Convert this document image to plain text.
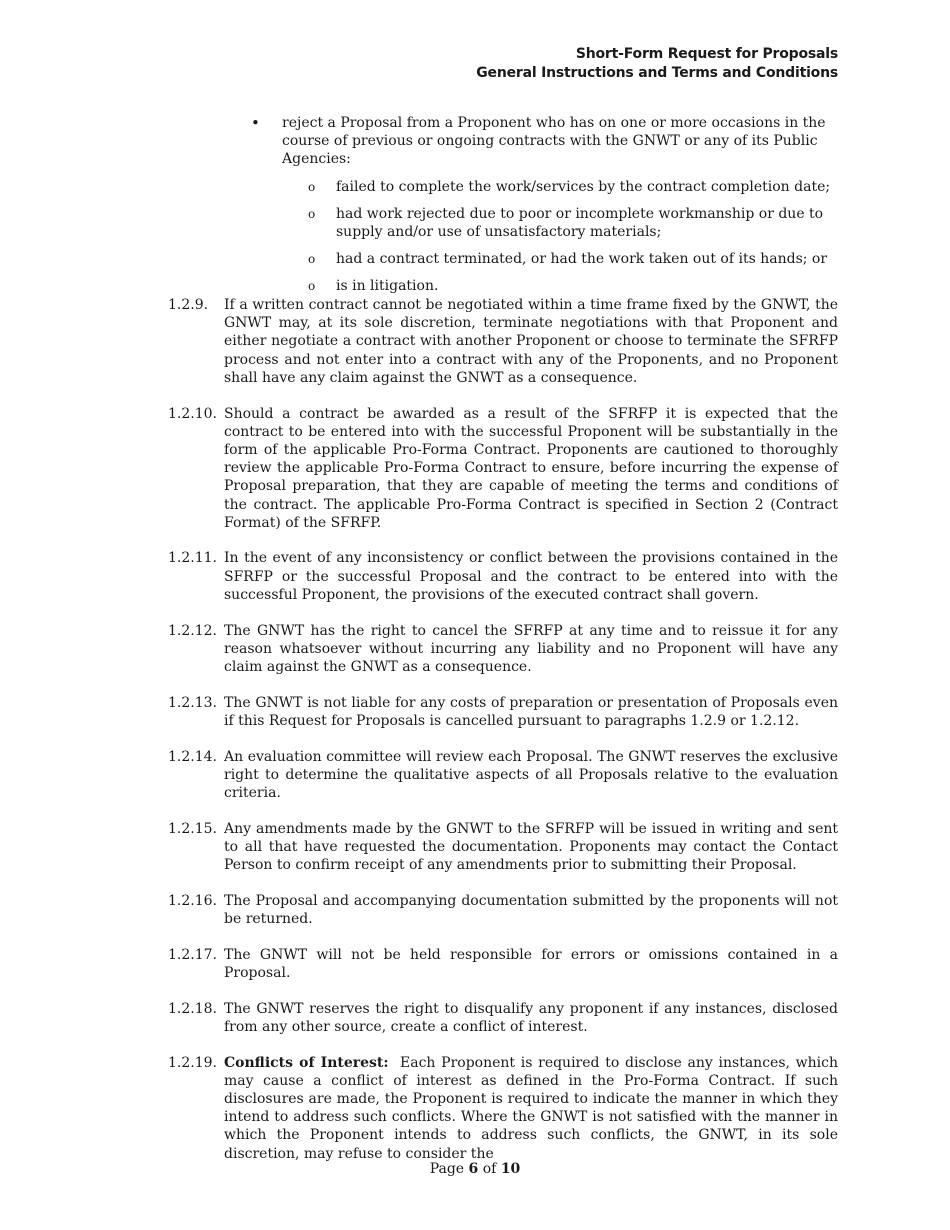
Short-Form Request for Proposals
General Instructions and Terms and Conditions
•	reject a Proposal from a Proponent who has on one or more occasions in the course of previous or ongoing contracts with the GNWT or any of its Public Agencies:
o	failed to complete the work/services by the contract completion date;
o	had work rejected due to poor or incomplete workmanship or due to supply and/or use of unsatisfactory materials;
o	had a contract terminated, or had the work taken out of its hands; or
o	is in litigation.
1.2.9.	If a written contract cannot be negotiated within a time frame fixed by the GNWT, the GNWT may, at its sole discretion, terminate negotiations with that Proponent and either negotiate a contract with another Proponent or choose to terminate the SFRFP process and not enter into a contract with any of the Proponents, and no Proponent shall have any claim against the GNWT as a consequence.
1.2.10. Should a contract be awarded as a result of the SFRFP it is expected that the contract to be entered into with the successful Proponent will be substantially in the form of the applicable Pro-Forma Contract. Proponents are cautioned to thoroughly review the applicable Pro-Forma Contract to ensure, before incurring the expense of Proposal preparation, that they are capable of meeting the terms and conditions of the contract. The applicable Pro-Forma Contract is specified in Section 2 (Contract Format) of the SFRFP.
1.2.11. In the event of any inconsistency or conflict between the provisions contained in the SFRFP or the successful Proposal and the contract to be entered into with the successful Proponent, the provisions of the executed contract shall govern.
1.2.12. The GNWT has the right to cancel the SFRFP at any time and to reissue it for any reason whatsoever without incurring any liability and no Proponent will have any claim against the GNWT as a consequence.
1.2.13. The GNWT is not liable for any costs of preparation or presentation of Proposals even if this Request for Proposals is cancelled pursuant to paragraphs 1.2.9 or 1.2.12.
1.2.14. An evaluation committee will review each Proposal. The GNWT reserves the exclusive right to determine the qualitative aspects of all Proposals relative to the evaluation criteria.
1.2.15. Any amendments made by the GNWT to the SFRFP will be issued in writing and sent to all that have requested the documentation. Proponents may contact the Contact Person to confirm receipt of any amendments prior to submitting their Proposal.
1.2.16. The Proposal and accompanying documentation submitted by the proponents will not be returned.
1.2.17. The GNWT will not be held responsible for errors or omissions contained in a Proposal.
1.2.18. The GNWT reserves the right to disqualify any proponent if any instances, disclosed from any other source, create a conflict of interest.
1.2.19. Conflicts of Interest: Each Proponent is required to disclose any instances, which may cause a conflict of interest as defined in the Pro-Forma Contract. If such disclosures are made, the Proponent is required to indicate the manner in which they intend to address such conflicts. Where the GNWT is not satisfied with the manner in which the Proponent intends to address such conflicts, the GNWT, in its sole discretion, may refuse to consider the
Page 6 of 10
